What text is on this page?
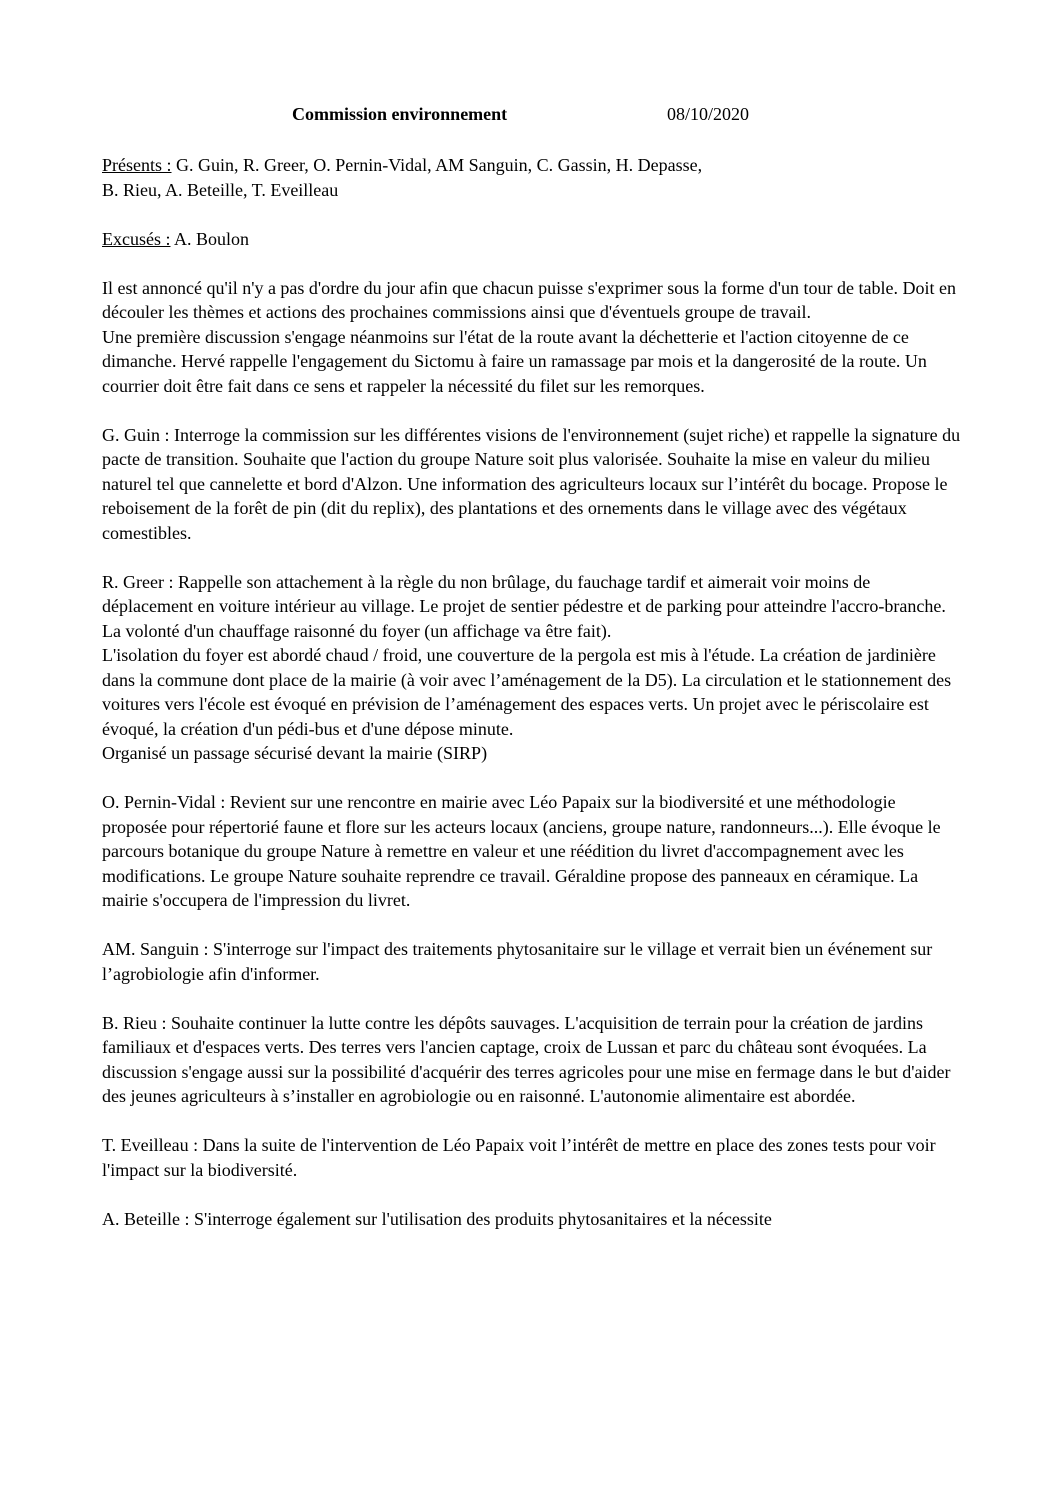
Commission environnement	08/10/2020

Présents : G. Guin, R. Greer, O. Pernin-Vidal, AM Sanguin, C. Gassin, H. Depasse,

B. Rieu, A. Beteille, T. Eveilleau

Excusés : A. Boulon

Il est annoncé qu'il n'y a pas d'ordre du jour afin que chacun puisse s'exprimer sous la forme d'un tour de table. Doit en découler les thèmes et actions des prochaines commissions ainsi que d'éventuels groupe de travail.

Une première discussion s'engage néanmoins sur l'état de la route avant la déchetterie et l'action citoyenne de ce dimanche. Hervé rappelle l'engagement du Sictomu à faire un ramassage par mois et la dangerosité de la route. Un courrier doit être fait dans ce sens et rappeler la nécessité du filet sur les remorques.

G. Guin : Interroge la commission sur les différentes visions de l'environnement (sujet riche) et rappelle la signature du pacte de transition. Souhaite que l'action du groupe Nature soit plus valorisée. Souhaite la mise en valeur du milieu naturel tel que cannelette et bord d'Alzon. Une information des agriculteurs locaux sur l’intérêt du bocage. Propose le reboisement de la forêt de pin (dit du replix), des plantations et des ornements dans le village avec des végétaux comestibles.

R. Greer : Rappelle son attachement à la règle du non brûlage, du fauchage tardif et aimerait voir moins de déplacement en voiture intérieur au village. Le projet de sentier pédestre et de parking pour atteindre l'accro-branche. La volonté d'un chauffage raisonné du foyer (un affichage va être fait).

L'isolation du foyer est abordé chaud / froid, une couverture de la pergola est mis à l'étude. La création de jardinière dans la commune dont place de la mairie (à voir avec l’aménagement de la D5). La circulation et le stationnement des voitures vers l'école est évoqué en prévision de l’aménagement des espaces verts. Un projet avec le périscolaire est évoqué, la création d'un pédi-bus et d'une dépose minute.

Organisé un passage sécurisé devant la mairie (SIRP)

O. Pernin-Vidal : Revient sur une rencontre en mairie avec Léo Papaix sur la biodiversité et une méthodologie proposée pour répertorié faune et flore sur les acteurs locaux (anciens, groupe nature, randonneurs...). Elle évoque le parcours botanique du groupe Nature à remettre en valeur et une réédition du livret d'accompagnement avec les modifications. Le groupe Nature souhaite reprendre ce travail. Géraldine propose des panneaux en céramique. La mairie s'occupera de l'impression du livret.

AM. Sanguin : S'interroge sur l'impact des traitements phytosanitaire sur le village et verrait bien un événement sur l’agrobiologie afin d'informer.

B. Rieu : Souhaite continuer la lutte contre les dépôts sauvages. L'acquisition de terrain pour la création de jardins familiaux et d'espaces verts. Des terres vers l'ancien captage, croix de Lussan et parc du château sont évoquées. La discussion s'engage aussi sur la possibilité d'acquérir des terres agricoles pour une mise en fermage dans le but d'aider des jeunes agriculteurs à s’installer en agrobiologie ou en raisonné. L'autonomie alimentaire est abordée.

T. Eveilleau : Dans la suite de l'intervention de Léo Papaix voit l’intérêt de mettre en place des zones tests pour voir l'impact sur la biodiversité.

A. Beteille : S'interroge également sur l'utilisation des produits phytosanitaires et la nécessite
